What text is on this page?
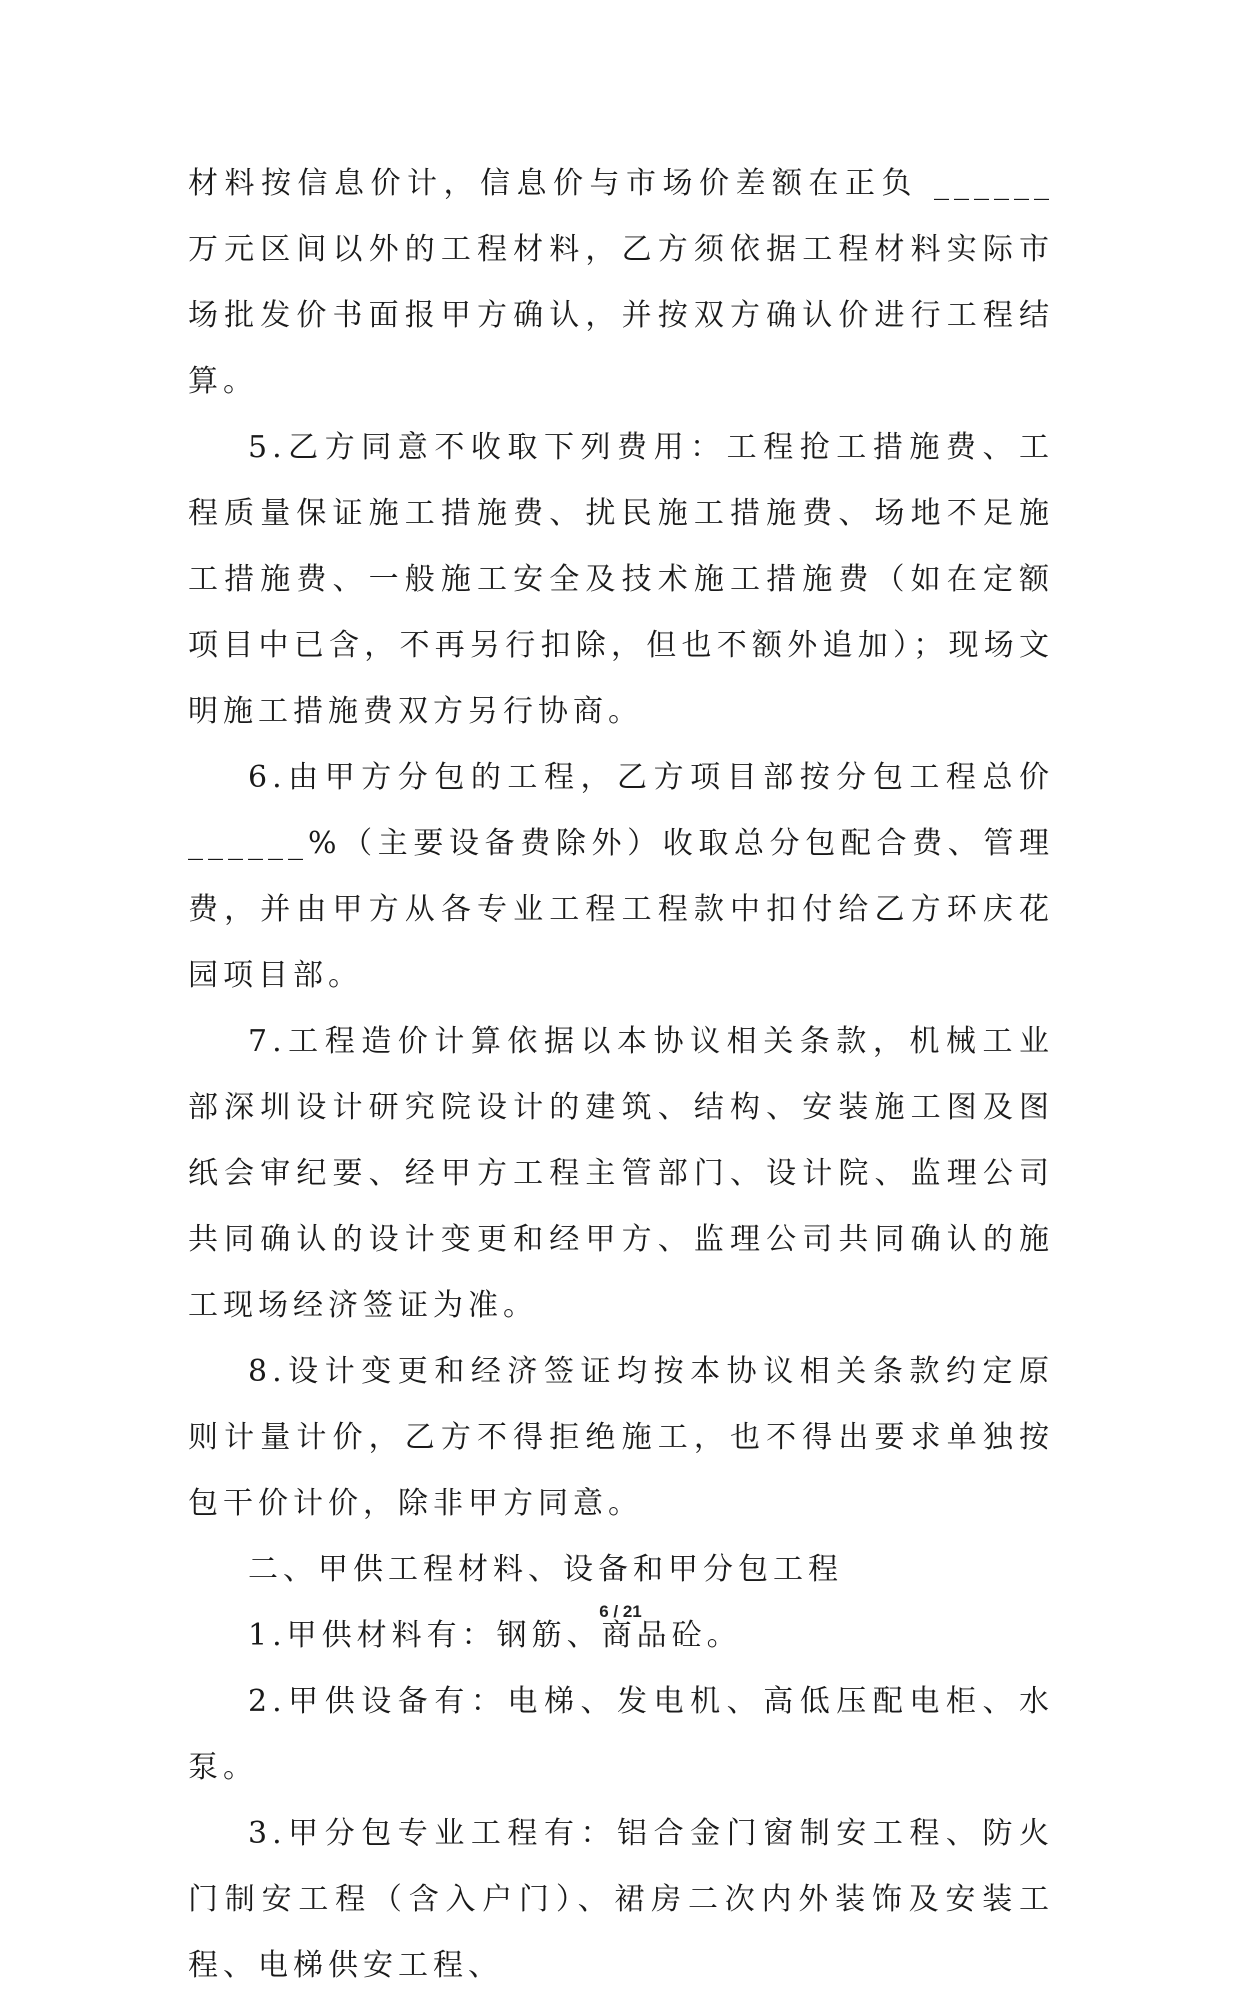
材料按信息价计，信息价与市场价差额在正负 ______万元区间以外的工程材料，乙方须依据工程材料实际市场批发价书面报甲方确认，并按双方确认价进行工程结算。

5.乙方同意不收取下列费用：工程抢工措施费、工程质量保证施工措施费、扰民施工措施费、场地不足施工措施费、一般施工安全及技术施工措施费（如在定额项目中已含，不再另行扣除，但也不额外追加）；现场文明施工措施费双方另行协商。

6.由甲方分包的工程，乙方项目部按分包工程总价______%（主要设备费除外）收取总分包配合费、管理费，并由甲方从各专业工程工程款中扣付给乙方环庆花园项目部。

7.工程造价计算依据以本协议相关条款，机械工业部深圳设计研究院设计的建筑、结构、安装施工图及图纸会审纪要、经甲方工程主管部门、设计院、监理公司共同确认的设计变更和经甲方、监理公司共同确认的施工现场经济签证为准。

8.设计变更和经济签证均按本协议相关条款约定原则计量计价，乙方不得拒绝施工，也不得出要求单独按包干价计价，除非甲方同意。

二、甲供工程材料、设备和甲分包工程

1.甲供材料有：钢筋、商品砼。

2.甲供设备有：电梯、发电机、高低压配电柜、水泵。

3.甲分包专业工程有：铝合金门窗制安工程、防火门制安工程（含入户门）、裙房二次内外装饰及安装工程、电梯供安工程、

6 / 21
